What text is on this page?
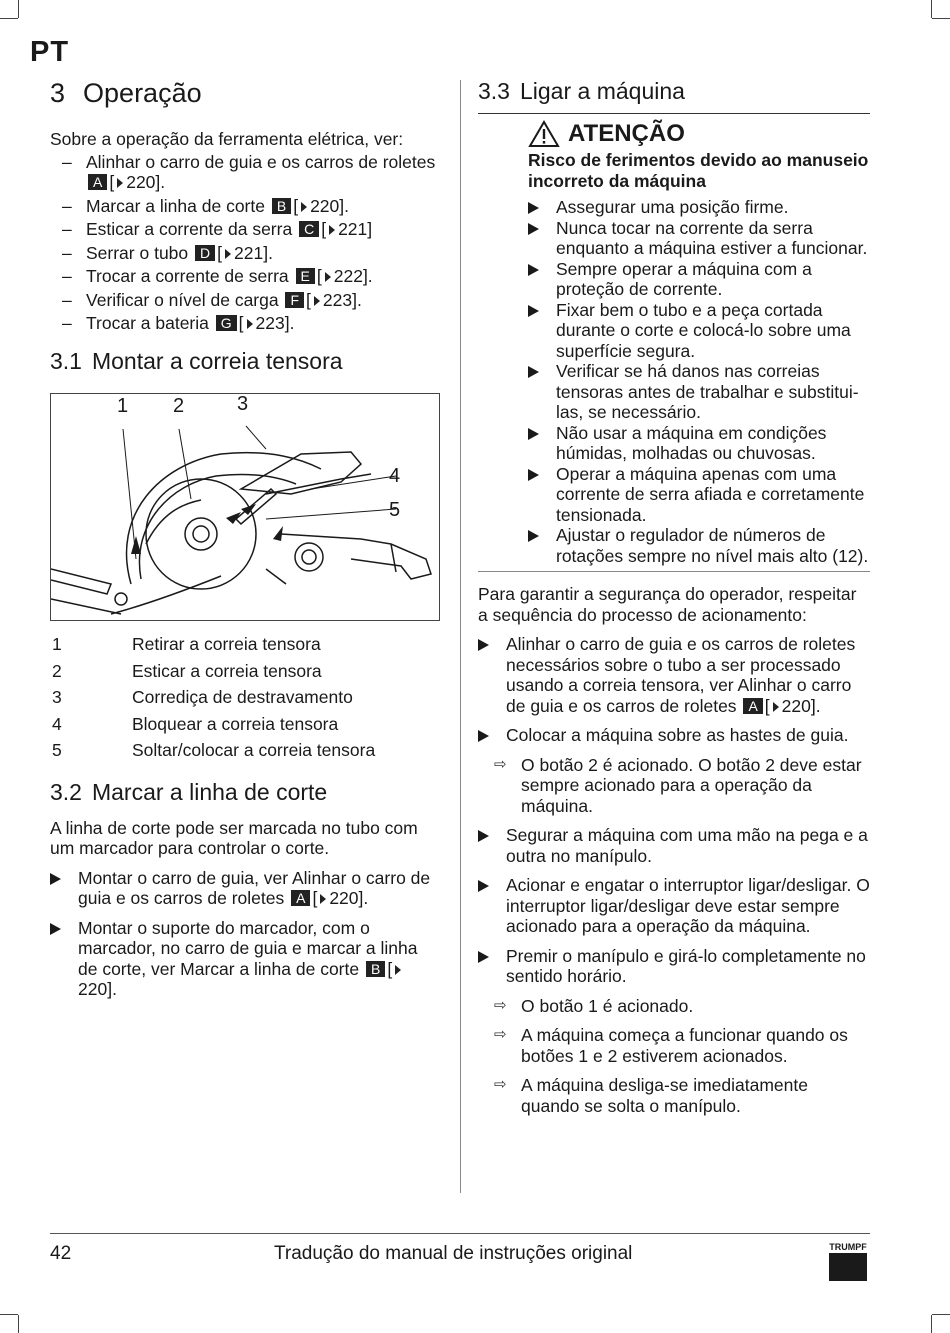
PT
3 Operação
Sobre a operação da ferramenta elétrica, ver:
– Alinhar o carro de guia e os carros de roletes A [ 220].
– Marcar a linha de corte B [ 220].
– Esticar a corrente da serra C [ 221]
– Serrar o tubo D [ 221].
– Trocar a corrente de serra E [ 222].
– Verificar o nível de carga F [ 223].
– Trocar a bateria G [ 223].
3.1 Montar a correia tensora
1 2	3
4
5
1	Retirar a correia tensora
2	Esticar a correia tensora
3	Corrediça de destravamento
4	Bloquear a correia tensora
5	Soltar/colocar a correia tensora
3.2 Marcar a linha de corte
A linha de corte pode ser marcada no tubo com um marcador para controlar o corte.
Montar o carro de guia, ver Alinhar o carro de guia e os carros de roletes A [ 220].
Montar o suporte do marcador, com o marcador, no carro de guia e marcar a linha de corte, ver Marcar a linha de corte B [220].
3.3 Ligar a máquina
ATENÇÃO
Risco de ferimentos devido ao manuseio incorreto da máquina
Assegurar uma posição firme.
Nunca tocar na corrente da serra enquanto a máquina estiver a funcionar.
Sempre operar a máquina com a proteção de corrente.
Fixar bem o tubo e a peça cortada durante o corte e colocá-lo sobre uma superfície segura.
Verificar se há danos nas correias tensoras antes de trabalhar e substitui-las, se necessário.
Não usar a máquina em condições húmidas, molhadas ou chuvosas.
Operar a máquina apenas com uma corrente de serra afiada e corretamente tensionada.
Ajustar o regulador de números de rotações sempre no nível mais alto (12).
Para garantir a segurança do operador, respeitar a sequência do processo de acionamento:
Alinhar o carro de guia e os carros de roletes necessários sobre o tubo a ser processado usando a correia tensora, ver Alinhar o carro de guia e os carros de roletes A [ 220].
Colocar a máquina sobre as hastes de guia.
⇨ O botão 2 é acionado. O botão 2 deve estar sempre acionado para a operação da máquina.
Segurar a máquina com uma mão na pega e a outra no manípulo.
Acionar e engatar o interruptor ligar/desligar. O interruptor ligar/desligar deve estar sempre acionado para a operação da máquina.
Premir o manípulo e girá-lo completamente no sentido horário.
⇨ O botão 1 é acionado.
⇨ A máquina começa a funcionar quando os botões 1 e 2 estiverem acionados.
⇨ A máquina desliga-se imediatamente quando se solta o manípulo.
42	Tradução do manual de instruções original	TRUMPF
